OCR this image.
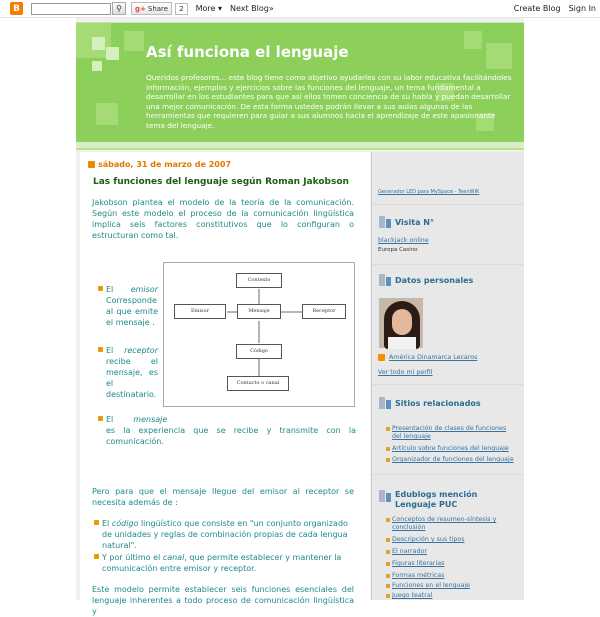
B	⚲	g+ Share	2	More ▾ Next Blog»	Create Blog Sign In
Así funciona el lenguaje
Queridos profesores... este blog tiene como objetivo ayudarles con su labor educativa facilitándoles información, ejemplos y ejercicios sobre las funciones del lenguaje, un tema fundamental a desarrollar en los estudiantes para que así ellos tomen conciencia de su habla y puedan desarrollar una mejor comunicación. De esta forma ustedes podrán llevar a sus aulas algunas de las herramientas que requieren para guiar a sus alumnos hacia el aprendizaje de este apasionante tema del lenguaje.
sábado, 31 de marzo de 2007
Las funciones del lenguaje según Roman Jakobson
Jakobson plantea el modelo de la teoría de la comunicación. Según este modelo el proceso de la comunicación lingüística implica seis factores constitutivos que lo configuran o estructuran como tal.
El emisor
Corresponde al que emite el mensaje .
El receptor
recibe el mensaje, es el destinatario.
El	mensaje
es la experiencia que se recibe y transmite con la comunicación.
Pero para que el mensaje llegue del emisor al receptor se necesita además de :
El código lingüístico que consiste en "un conjunto organizado de unidades y reglas de combinación propias de cada lengua natural".
Y por último el canal, que permite establecer y mantener la comunicación entre emisor y receptor.
Este modelo permite establecer seis funciones esenciales del lenguaje inherentes a todo proceso de comunicación lingüística y
Contexto
Emisor	Mensaje	Receptor
Código
Contacto o canal
Generador LED para MySpace - TeenWIK
Visita N°
blackjack online
Europa Casino
Datos personales
América Dinamarca Lecaros
Ver todo mi perfil
Sitios relacionados
Presentación de clases de funciones del lenguaje
Artículo sobre funciones del lenguaje
Organizador de funciones del lenguaje
Edublogs mención Lenguaje PUC
Conceptos de resumen-síntesis y conclusión
Descripción y sus tipos
El narrador
Figuras literarias
Formas métricas
Funciones en el lenguaje
Juego teatral
